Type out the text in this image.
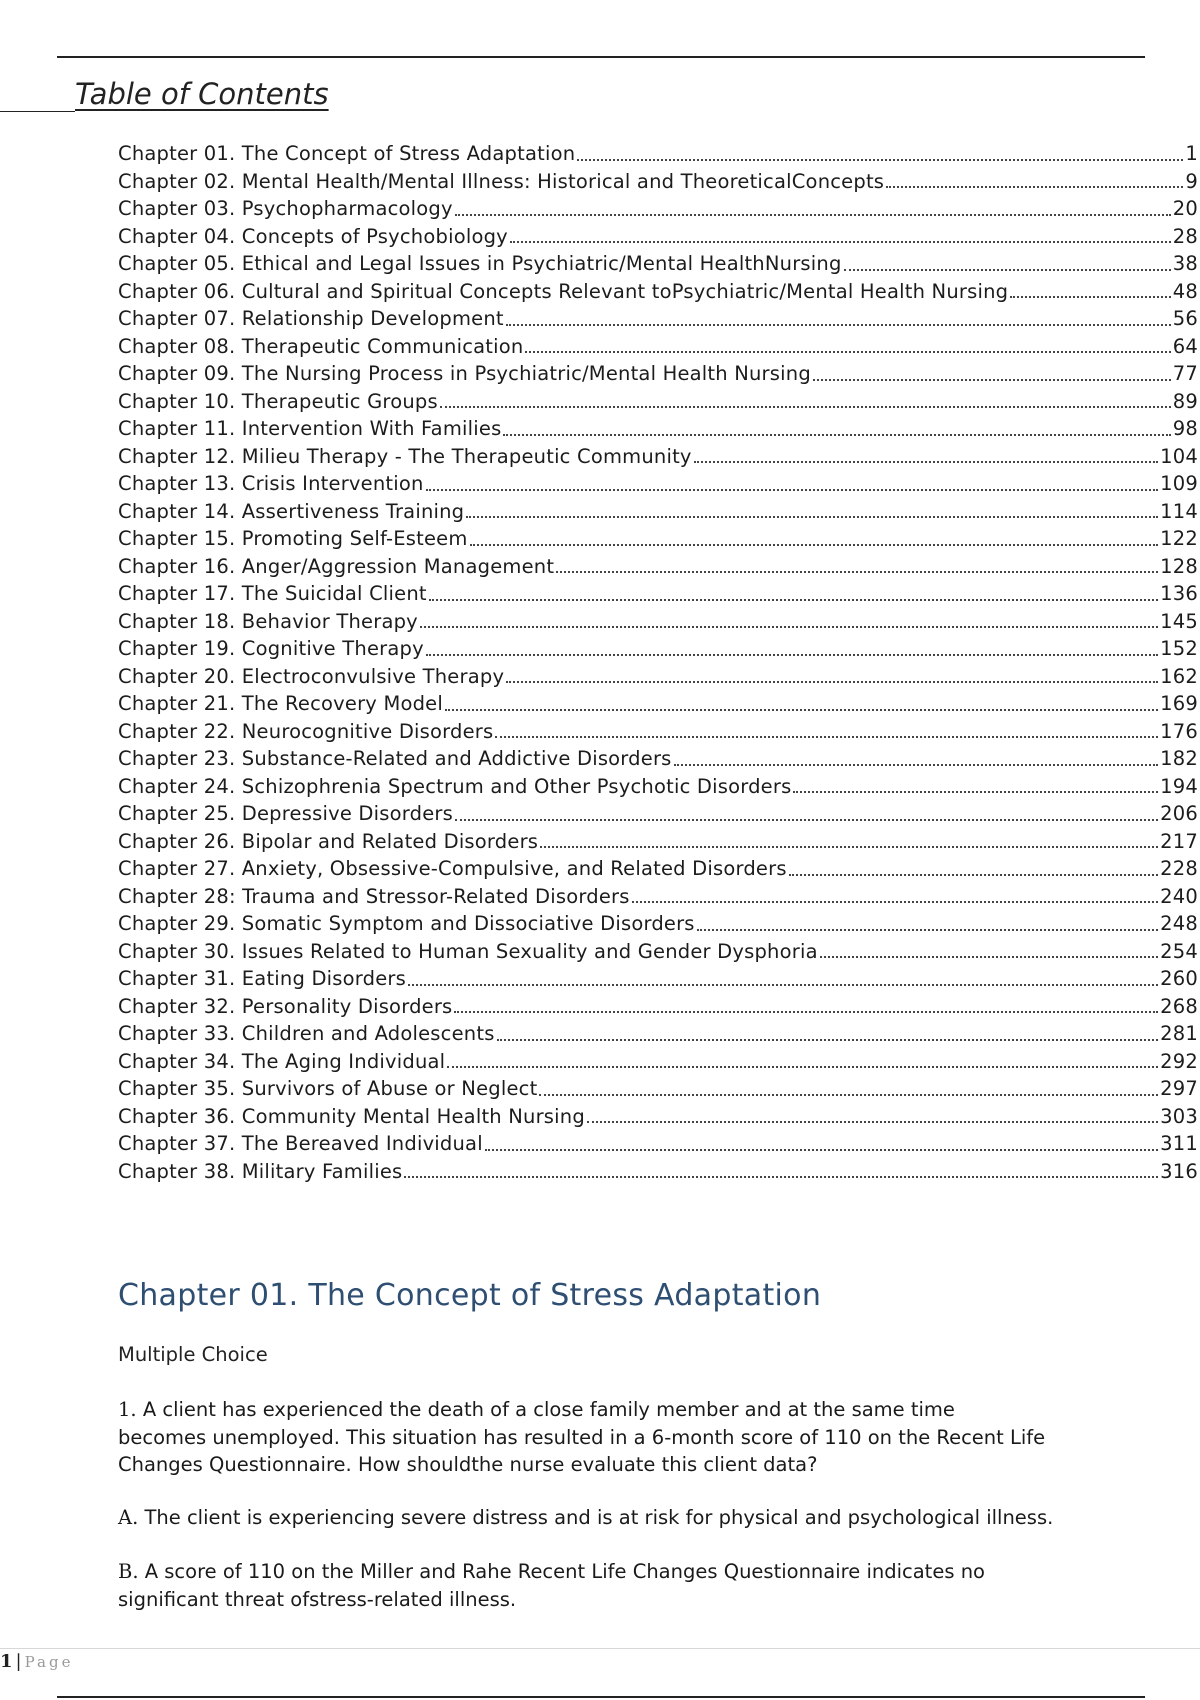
Table of Contents
Chapter 01. The Concept of Stress Adaptation	1
Chapter 02. Mental Health/Mental Illness: Historical and TheoreticalConcepts	9
Chapter 03. Psychopharmacology	20
Chapter 04. Concepts of Psychobiology	28
Chapter 05. Ethical and Legal Issues in Psychiatric/Mental HealthNursing	38
Chapter 06. Cultural and Spiritual Concepts Relevant toPsychiatric/Mental Health Nursing	48
Chapter 07. Relationship Development	56
Chapter 08. Therapeutic Communication	64
Chapter 09. The Nursing Process in Psychiatric/Mental Health Nursing	77
Chapter 10. Therapeutic Groups	89
Chapter 11. Intervention With Families	98
Chapter 12. Milieu Therapy - The Therapeutic Community	104
Chapter 13. Crisis Intervention	109
Chapter 14. Assertiveness Training	114
Chapter 15. Promoting Self-Esteem	122
Chapter 16. Anger/Aggression Management	128
Chapter 17. The Suicidal Client	136
Chapter 18. Behavior Therapy	145
Chapter 19. Cognitive Therapy	152
Chapter 20. Electroconvulsive Therapy	162
Chapter 21. The Recovery Model	169
Chapter 22. Neurocognitive Disorders	176
Chapter 23. Substance-Related and Addictive Disorders	182
Chapter 24. Schizophrenia Spectrum and Other Psychotic Disorders	194
Chapter 25. Depressive Disorders	206
Chapter 26. Bipolar and Related Disorders	217
Chapter 27. Anxiety, Obsessive-Compulsive, and Related Disorders	228
Chapter 28: Trauma and Stressor-Related Disorders	240
Chapter 29. Somatic Symptom and Dissociative Disorders	248
Chapter 30. Issues Related to Human Sexuality and Gender Dysphoria	254
Chapter 31. Eating Disorders	260
Chapter 32. Personality Disorders	268
Chapter 33. Children and Adolescents	281
Chapter 34. The Aging Individual	292
Chapter 35. Survivors of Abuse or Neglect	297
Chapter 36. Community Mental Health Nursing	303
Chapter 37. The Bereaved Individual	311
Chapter 38. Military Families	316
Chapter 01. The Concept of Stress Adaptation
Multiple Choice
1. A client has experienced the death of a close family member and at the same time becomes unemployed. This situation has resulted in a 6-month score of 110 on the Recent Life Changes Questionnaire. How shouldthe nurse evaluate this client data?
A. The client is experiencing severe distress and is at risk for physical and psychological illness.
B. A score of 110 on the Miller and Rahe Recent Life Changes Questionnaire indicates no significant threat ofstress-related illness.
1 | Page
